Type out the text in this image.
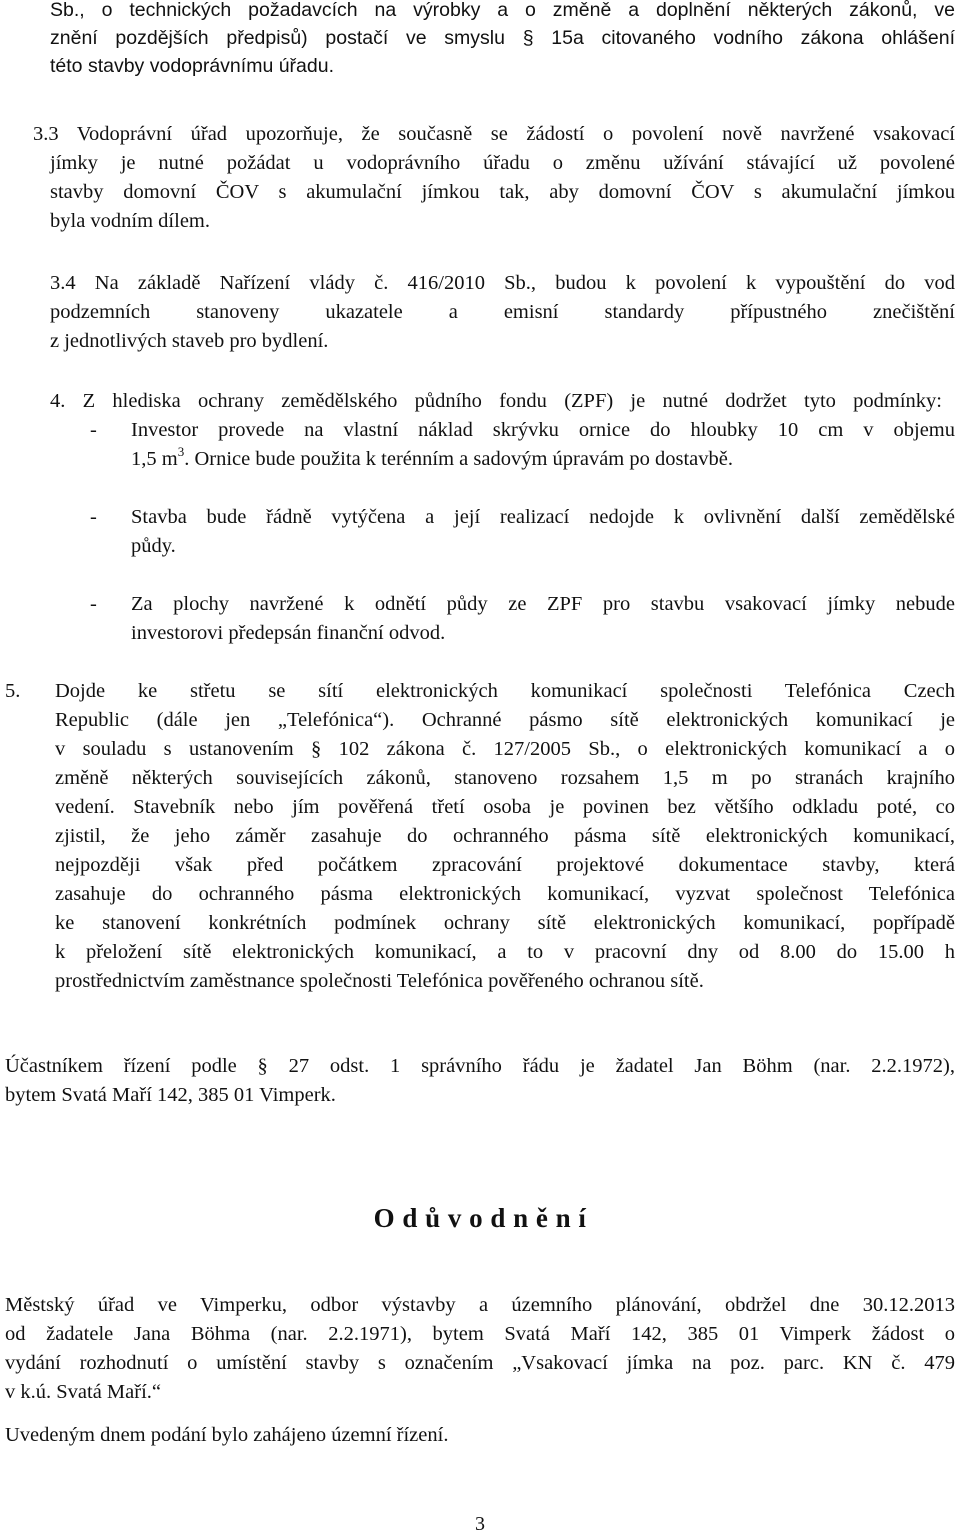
Sb., o technických požadavcích na výrobky a o změně a doplnění některých zákonů, ve
znění pozdějších předpisů) postačí ve smyslu § 15a citovaného vodního zákona ohlášení
této stavby vodoprávnímu úřadu.
3.3 Vodoprávní úřad upozorňuje, že současně se žádostí o povolení nově navržené vsakovací
jímky je nutné požádat u vodoprávního úřadu o změnu užívání stávající už povolené
stavby domovní ČOV s akumulační jímkou tak, aby domovní ČOV s akumulační jímkou
byla vodním dílem.
3.4 Na základě Nařízení vlády č. 416/2010 Sb., budou k povolení k vypouštění do vod
podzemních stanoveny ukazatele a emisní standardy přípustného znečištění
z jednotlivých staveb pro bydlení.
4. Z hlediska ochrany zemědělského půdního fondu (ZPF) je nutné dodržet tyto podmínky:
- Investor provede na vlastní náklad skrývku ornice do hloubky 10 cm v objemu
1,5 $m^3$. Ornice bude použita k terénním a sadovým úpravám po dostavbě.
- Stavba bude řádně vytýčena a její realizací nedojde k ovlivnění další zemědělské
půdy.
- Za plochy navržené k odnětí půdy ze ZPF pro stavbu vsakovací jímky nebude
investorovi předepsán finanční odvod.
5. Dojde ke střetu se sítí elektronických komunikací společnosti Telefónica Czech
Republic (dále jen „Telefónica“). Ochranné pásmo sítě elektronických komunikací je
v souladu s ustanovením § 102 zákona č. 127/2005 Sb., o elektronických komunikací a o
změně některých souvisejících zákonů, stanoveno rozsahem 1,5 m po stranách krajního
vedení. Stavebník nebo jím pověřená třetí osoba je povinen bez většího odkladu poté, co
zjistil, že jeho záměr zasahuje do ochranného pásma sítě elektronických komunikací,
nejpozději však před počátkem zpracování projektové dokumentace stavby, která
zasahuje do ochranného pásma elektronických komunikací, vyzvat společnost Telefónica
ke stanovení konkrétních podmínek ochrany sítě elektronických komunikací, popřípadě
k přeložení sítě elektronických komunikací, a to v pracovní dny od 8.00 do 15.00 h
prostřednictvím zaměstnance společnosti Telefónica pověřeného ochranou sítě.
Účastníkem řízení podle § 27 odst. 1 správního řádu je žadatel Jan Böhm (nar. 2.2.1972),
bytem Svatá Maří 142, 385 01 Vimperk.
O d ů v o d n ě n í
Městský úřad ve Vimperku, odbor výstavby a územního plánování, obdržel dne 30.12.2013
od žadatele Jana Böhma (nar. 2.2.1971), bytem Svatá Maří 142, 385 01 Vimperk žádost o
vydání rozhodnutí o umístění stavby s označením „Vsakovací jímka na poz. parc. KN č. 479
v k.ú. Svatá Maří.“
Uvedeným dnem podání bylo zahájeno územní řízení.
3
